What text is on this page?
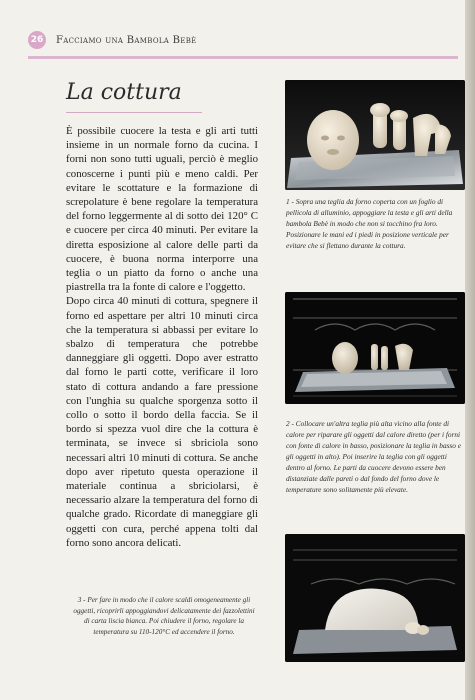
26 Facciamo una Bambola Bebè
La cottura

È possibile cuocere la testa e gli arti tutti insieme in un normale forno da cucina. I forni non sono tutti uguali, perciò è meglio conoscerne i punti più e meno caldi. Per evitare le scottature e la formazione di screpolature è bene regolare la temperatura del forno leggermente al di sotto dei 120° C e cuocere per circa 40 minuti. Per evitare la diretta esposizione al calore delle parti da cuocere, è buona norma interporre una teglia o un piatto da forno o anche una piastrella tra la fonte di calore e l'oggetto.

Dopo circa 40 minuti di cottura, spegnere il forno ed aspettare per altri 10 minuti circa che la temperatura si abbassi per evitare lo sbalzo di temperatura che potrebbe danneggiare gli oggetti. Dopo aver estratto dal forno le parti cotte, verificare il loro stato di cottura andando a fare pressione con l'unghia su qualche sporgenza sotto il collo o sotto il bordo della faccia. Se il bordo si spezza vuol dire che la cottura è terminata, se invece si sbriciola sono necessari altri 10 minuti di cottura. Se anche dopo aver ripetuto questa operazione il materiale continua a sbriciolarsi, è necessario alzare la temperatura del forno di qualche grado. Ricordate di maneggiare gli oggetti con cura, perché appena tolti dal forno sono ancora delicati.

3 - Per fare in modo che il calore scaldi omogeneamente gli oggetti, ricoprirli appoggiandovi delicatamente dei fazzolettini di carta liscia bianca. Poi chiudere il forno, regolare la temperatura su 110-120°C ed accendere il forno.
1 - Sopra una teglia da forno coperta con un foglio di pellicola di alluminio, appoggiare la testa e gli arti della bambola Bebè in modo che non si tocchino fra loro. Posizionare le mani ed i piedi in posizione verticale per evitare che si flettano durante la cottura.
2 - Collocare un'altra teglia più alta vicino alla fonte di calore per riparare gli oggetti dal calore diretto (per i forni con fonte di calore in basso, posizionare la teglia in basso e gli oggetti in alto). Poi inserire la teglia con gli oggetti dentro al forno. Le parti da cuocere devono essere ben distanziate dalle pareti o dal fondo del forno dove le temperature sono solitamente più elevate.
